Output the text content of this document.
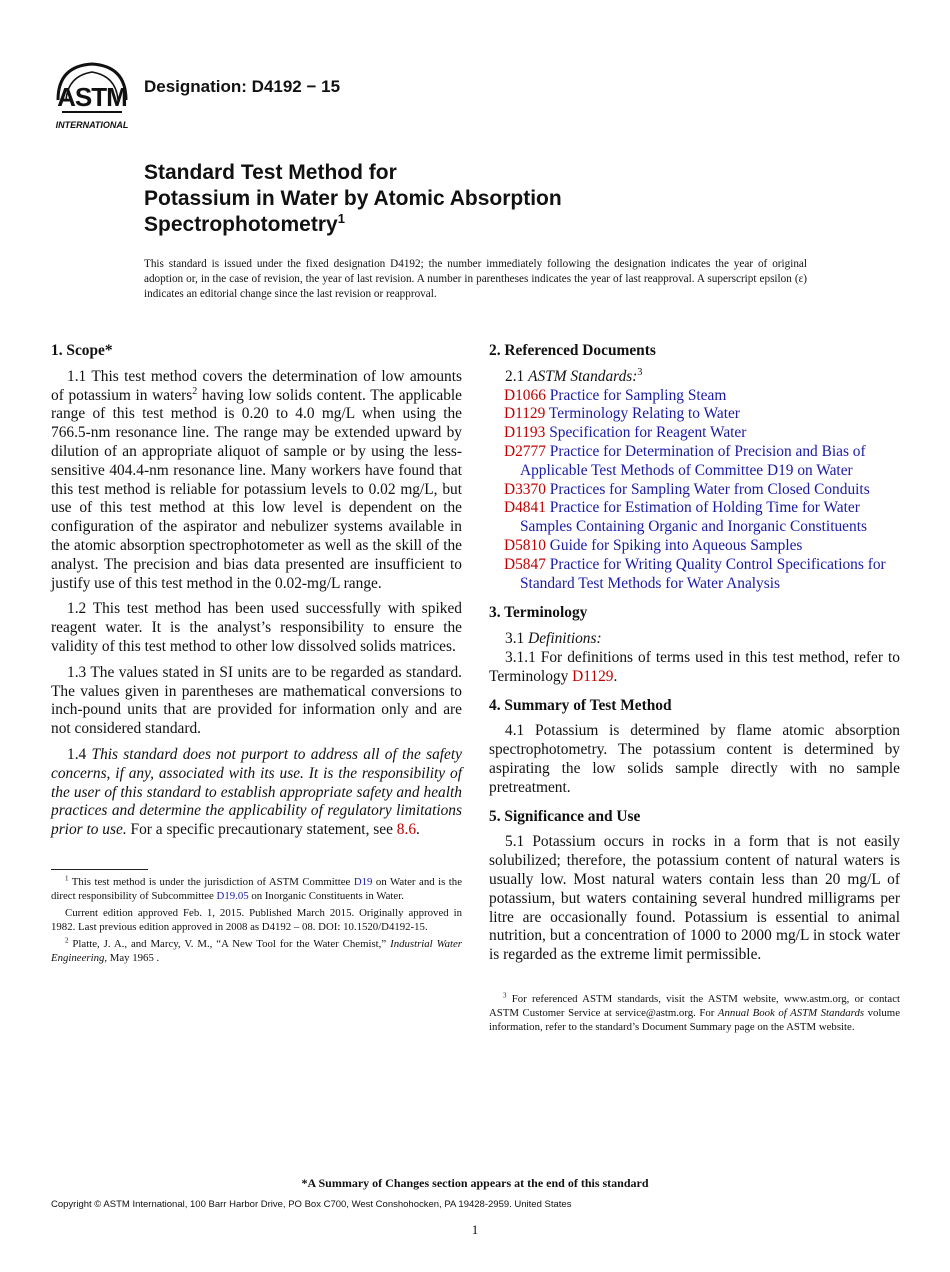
ASTM
INTERNATIONAL
Designation: D4192 − 15
Standard Test Method for
Potassium in Water by Atomic Absorption
Spectrophotometry$^1$
This standard is issued under the fixed designation D4192; the number immediately following the designation indicates the year of original adoption or, in the case of revision, the year of last revision. A number in parentheses indicates the year of last reapproval. A superscript epsilon (ε) indicates an editorial change since the last revision or reapproval.
1. Scope*

1.1 This test method covers the determination of low amounts of potassium in waters$^2$ having low solids content. The applicable range of this test method is 0.20 to 4.0 mg/L when using the 766.5-nm resonance line. The range may be extended upward by dilution of an appropriate aliquot of sample or by using the less-sensitive 404.4-nm resonance line. Many workers have found that this test method is reliable for potassium levels to 0.02 mg/L, but use of this test method at this low level is dependent on the configuration of the aspirator and nebulizer systems available in the atomic absorption spectrophotometer as well as the skill of the analyst. The precision and bias data presented are insufficient to justify use of this test method in the 0.02-mg/L range.

1.2 This test method has been used successfully with spiked reagent water. It is the analyst’s responsibility to ensure the validity of this test method to other low dissolved solids matrices.

1.3 The values stated in SI units are to be regarded as standard. The values given in parentheses are mathematical conversions to inch-pound units that are provided for information only and are not considered standard.

1.4 This standard does not purport to address all of the safety concerns, if any, associated with its use. It is the responsibility of the user of this standard to establish appropriate safety and health practices and determine the applicability of regulatory limitations prior to use. For a specific precautionary statement, see 8.6.

$^1$ This test method is under the jurisdiction of ASTM Committee D19 on Water and is the direct responsibility of Subcommittee D19.05 on Inorganic Constituents in Water.

Current edition approved Feb. 1, 2015. Published March 2015. Originally approved in 1982. Last previous edition approved in 2008 as D4192 – 08. DOI: 10.1520/D4192-15.

$^2$ Platte, J. A., and Marcy, V. M., “A New Tool for the Water Chemist,” Industrial Water Engineering, May 1965 .

2. Referenced Documents

2.1 ASTM Standards:$^3$

D1066 Practice for Sampling Steam

D1129 Terminology Relating to Water

D1193 Specification for Reagent Water

D2777 Practice for Determination of Precision and Bias of Applicable Test Methods of Committee D19 on Water

D3370 Practices for Sampling Water from Closed Conduits

D4841 Practice for Estimation of Holding Time for Water Samples Containing Organic and Inorganic Constituents

D5810 Guide for Spiking into Aqueous Samples

D5847 Practice for Writing Quality Control Specifications for Standard Test Methods for Water Analysis

3. Terminology

3.1 Definitions:

3.1.1 For definitions of terms used in this test method, refer to Terminology D1129.

4. Summary of Test Method

4.1 Potassium is determined by flame atomic absorption spectrophotometry. The potassium content is determined by aspirating the low solids sample directly with no sample pretreatment.

5. Significance and Use

5.1 Potassium occurs in rocks in a form that is not easily solubilized; therefore, the potassium content of natural waters is usually low. Most natural waters contain less than 20 mg/L of potassium, but waters containing several hundred milligrams per litre are occasionally found. Potassium is essential to animal nutrition, but a concentration of 1000 to 2000 mg/L in stock water is regarded as the extreme limit permissible.

$^3$ For referenced ASTM standards, visit the ASTM website, www.astm.org, or contact ASTM Customer Service at service@astm.org. For Annual Book of ASTM Standards volume information, refer to the standard’s Document Summary page on the ASTM website.

*A Summary of Changes section appears at the end of this standard
Copyright © ASTM International, 100 Barr Harbor Drive, PO Box C700, West Conshohocken, PA 19428-2959. United States
1
